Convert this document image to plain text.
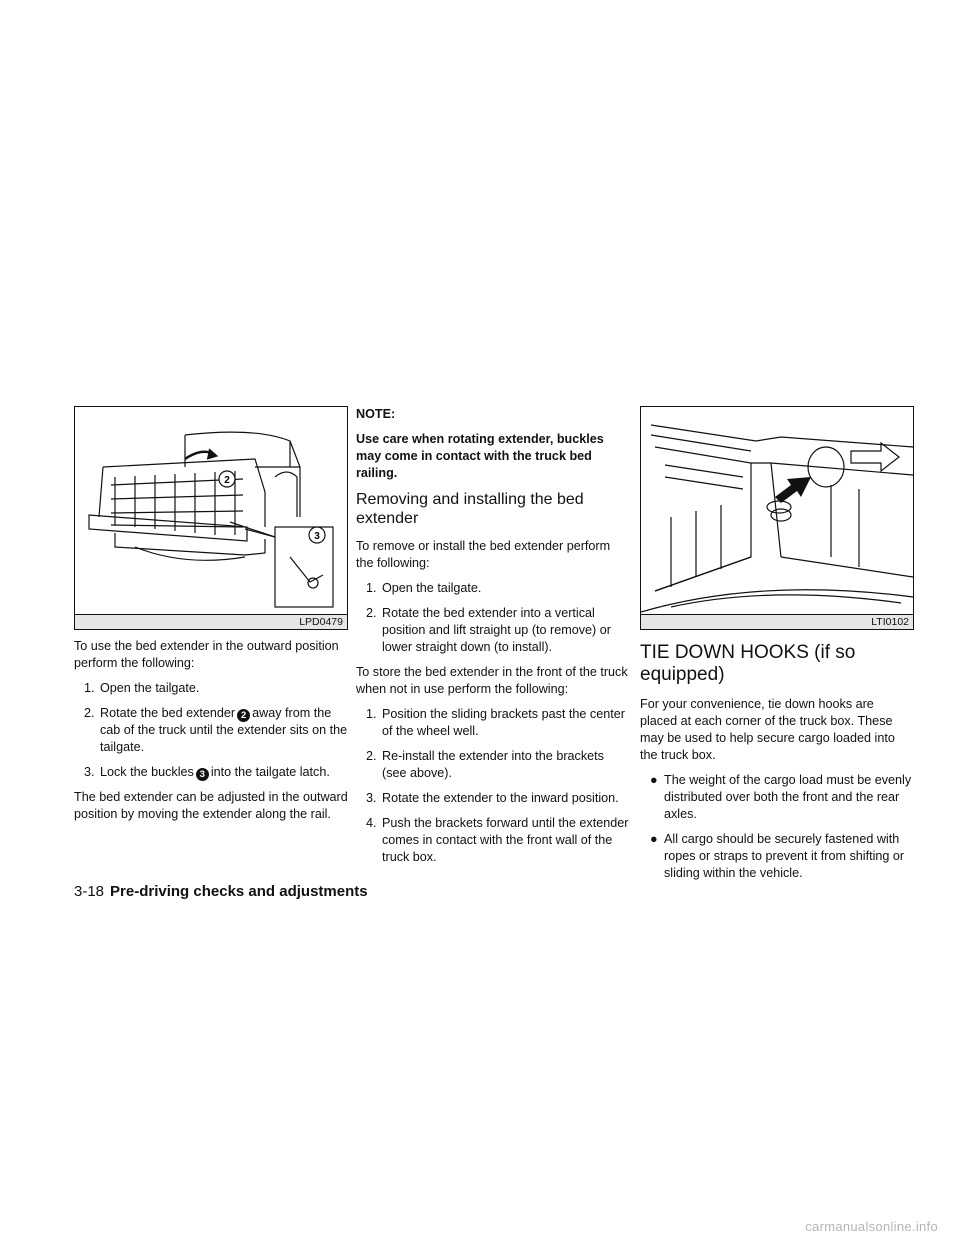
2
3
LPD0479

To use the bed extender in the outward position perform the following:

1. Open the tailgate.
2. Rotate the bed extender 2 away from the cab of the truck until the extender sits on the tailgate.
3. Lock the buckles 3 into the tailgate latch.

The bed extender can be adjusted in the outward position by moving the extender along the rail.

NOTE:
Use care when rotating extender, buckles may come in contact with the truck bed railing.
Removing and installing the bed extender

To remove or install the bed extender perform the following:

1. Open the tailgate.
2. Rotate the bed extender into a vertical position and lift straight up (to remove) or lower straight down (to install).

To store the bed extender in the front of the truck when not in use perform the following:

1. Position the sliding brackets past the center of the wheel well.
2. Re-install the extender into the brackets (see above).
3. Rotate the extender to the inward position.
4. Push the brackets forward until the extender comes in contact with the front wall of the truck box.
LTI0102
TIE DOWN HOOKS (if so equipped)

For your convenience, tie down hooks are placed at each corner of the truck box. These may be used to help secure cargo loaded into the truck box.

● The weight of the cargo load must be evenly distributed over both the front and the rear axles.
● All cargo should be securely fastened with ropes or straps to prevent it from shifting or sliding within the vehicle.
3-18 Pre-driving checks and adjustments
carmanualsonline.info
